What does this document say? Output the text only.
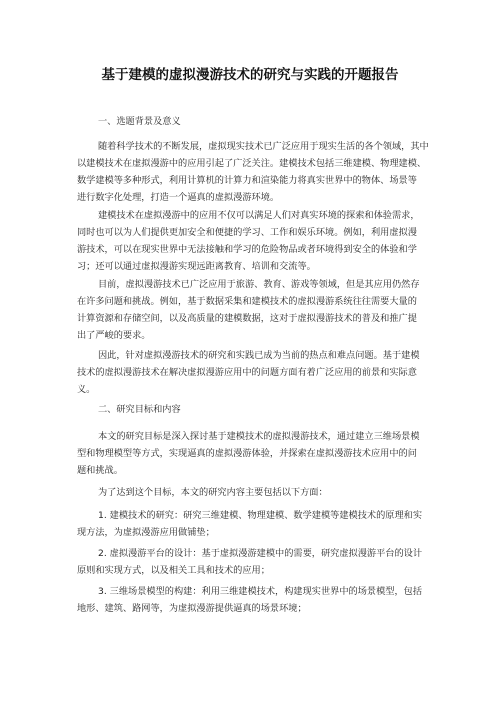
基于建模的虚拟漫游技术的研究与实践的开题报告

一、选题背景及意义

随着科学技术的不断发展，虚拟现实技术已广泛应用于现实生活的各个领域，其中
以建模技术在虚拟漫游中的应用引起了广泛关注。建模技术包括三维建模、物理建模、
数学建模等多种形式，利用计算机的计算力和渲染能力将真实世界中的物体、场景等
进行数字化处理，打造一个逼真的虚拟漫游环境。

建模技术在虚拟漫游中的应用不仅可以满足人们对真实环境的探索和体验需求，
同时也可以为人们提供更加安全和便捷的学习、工作和娱乐环境。例如，利用虚拟漫
游技术，可以在现实世界中无法接触和学习的危险物品或者环境得到安全的体验和学
习；还可以通过虚拟漫游实现远距离教育、培训和交流等。

目前，虚拟漫游技术已广泛应用于旅游、教育、游戏等领域，但是其应用仍然存
在许多问题和挑战。例如，基于数据采集和建模技术的虚拟漫游系统往往需要大量的
计算资源和存储空间，以及高质量的建模数据，这对于虚拟漫游技术的普及和推广提
出了严峻的要求。

因此，针对虚拟漫游技术的研究和实践已成为当前的热点和难点问题。基于建模
技术的虚拟漫游技术在解决虚拟漫游应用中的问题方面有着广泛应用的前景和实际意
义。

二、研究目标和内容

本文的研究目标是深入探讨基于建模技术的虚拟漫游技术，通过建立三维场景模
型和物理模型等方式，实现逼真的虚拟漫游体验，并探索在虚拟漫游技术应用中的问
题和挑战。

为了达到这个目标，本文的研究内容主要包括以下方面：

1. 建模技术的研究：研究三维建模、物理建模、数学建模等建模技术的原理和实
现方法，为虚拟漫游应用做铺垫；

2. 虚拟漫游平台的设计：基于虚拟漫游建模中的需要，研究虚拟漫游平台的设计
原则和实现方式，以及相关工具和技术的应用；

3. 三维场景模型的构建：利用三维建模技术，构建现实世界中的场景模型，包括
地形、建筑、路网等，为虚拟漫游提供逼真的场景环境；
